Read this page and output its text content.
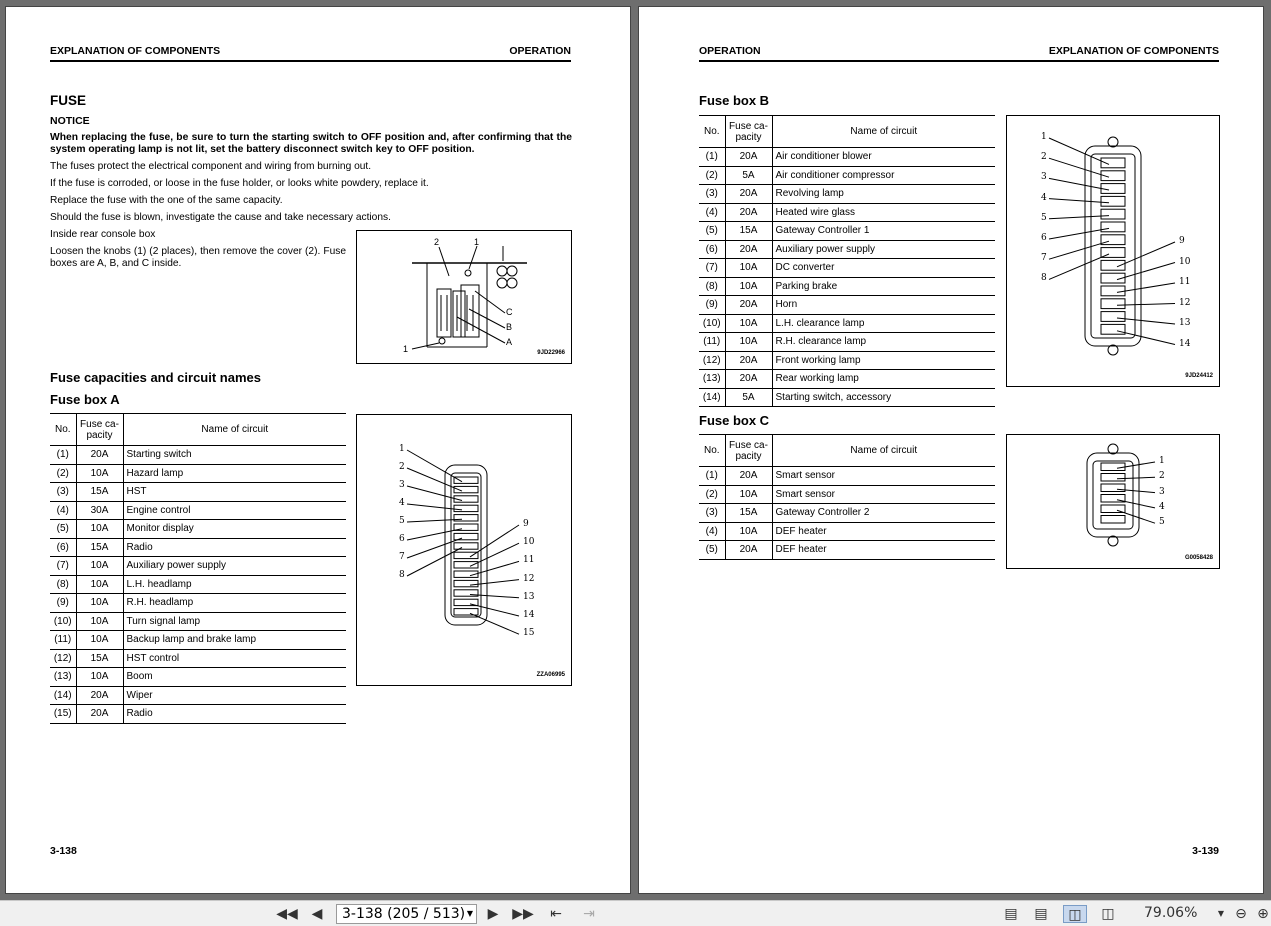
EXPLANATION OF COMPONENTS	OPERATION
FUSE
NOTICE
When replacing the fuse, be sure to turn the starting switch to OFF position and, after confirming that the system operating lamp is not lit, set the battery disconnect switch key to OFF position.
The fuses protect the electrical component and wiring from burning out.
If the fuse is corroded, or loose in the fuse holder, or looks white powdery, replace it.
Replace the fuse with the one of the same capacity.
Should the fuse is blown, investigate the cause and take necessary actions.
Inside rear console box
Loosen the knobs (1) (2 places), then remove the cover (2). Fuse boxes are A, B, and C inside.
2	1
C
B
A
1	9JD22966
Fuse capacities and circuit names
Fuse box A
No.	Fuse ca-
pacity	Name of circuit
(1)	20A	Starting switch
(2)	10A	Hazard lamp
(3)	15A	HST
(4)	30A	Engine control
(5)	10A	Monitor display
(6)	15A	Radio
(7)	10A	Auxiliary power supply
(8)	10A	L.H. headlamp
(9)	10A	R.H. headlamp
(10)	10A	Turn signal lamp
(11)	10A	Backup lamp and brake lamp
(12)	15A	HST control
(13)	10A	Boom
(14)	20A	Wiper
(15)	20A	Radio
1
2
3
4
5
6
7
8
9
10
11
12
13
14
15
ZZA06995
3-138
OPERATION	EXPLANATION OF COMPONENTS
Fuse box B
No.	Fuse ca-
pacity	Name of circuit
(1)	20A	Air conditioner blower
(2)	5A	Air conditioner compressor
(3)	20A	Revolving lamp
(4)	20A	Heated wire glass
(5)	15A	Gateway Controller 1
(6)	20A	Auxiliary power supply
(7)	10A	DC converter
(8)	10A	Parking brake
(9)	20A	Horn
(10)	10A	L.H. clearance lamp
(11)	10A	R.H. clearance lamp
(12)	20A	Front working lamp
(13)	20A	Rear working lamp
(14)	5A	Starting switch, accessory
1
2
3
4
5
6
7
8
9
10
11
12
13
14
9JD24412
Fuse box C
No.	Fuse ca-
pacity	Name of circuit
(1)	20A	Smart sensor
(2)	10A	Smart sensor
(3)	15A	Gateway Controller 2
(4)	10A	DEF heater
(5)	20A	DEF heater
1
2
3
4
5
G0058428
3-139
◀◀ ◀	3-138 (205 / 513) ▼ ▶ ▶▶	⇤	⇥	▤ ▤	◫	◫	79.06%	▼ ⊖ ⊕
